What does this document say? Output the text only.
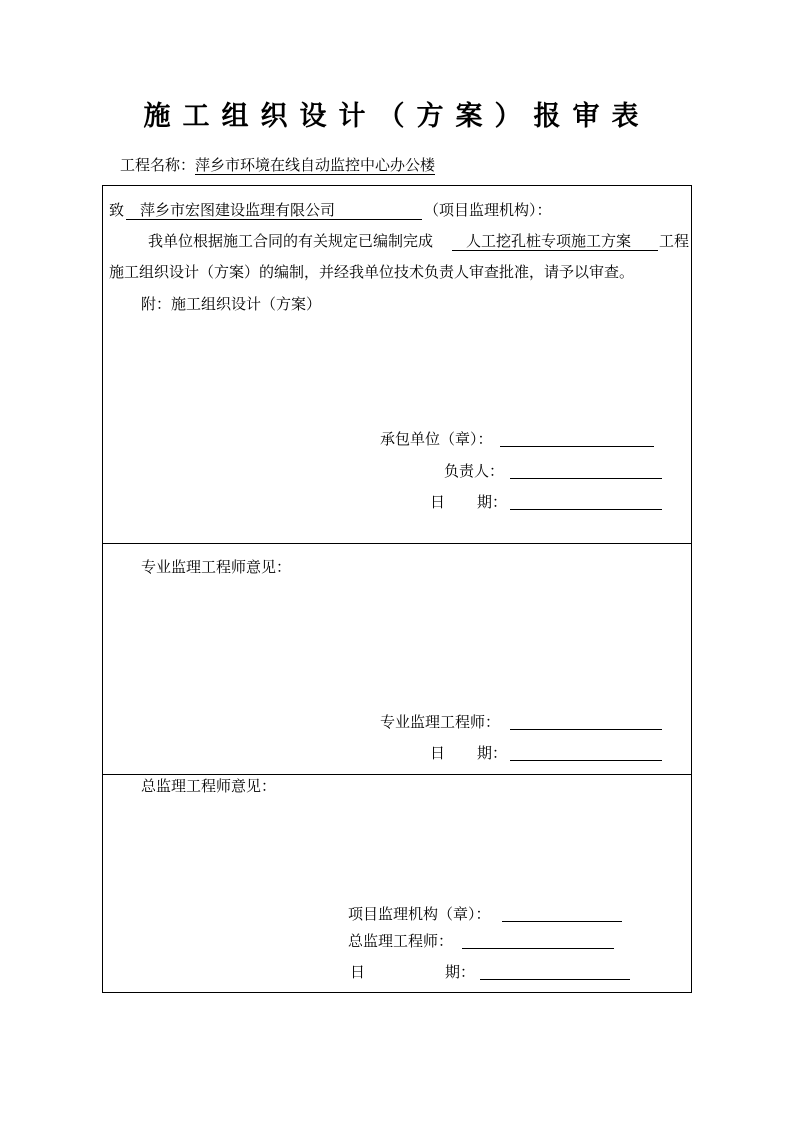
施工组织设计（方案）报审表
工程名称：萍乡市环境在线自动监控中心办公楼
致	萍乡市宏图建设监理有限公司	（项目监理机构）：
我单位根据施工合同的有关规定已编制完成	人工挖孔桩专项施工方案	工程
施工组织设计（方案）的编制，并经我单位技术负责人审查批准，请予以审查。
附：施工组织设计（方案）
承包单位（章）：
负责人：
日 期：
专业监理工程师意见：
专业监理工程师：
日 期：
总监理工程师意见：
项目监理机构（章）：
总监理工程师：
日	期：
